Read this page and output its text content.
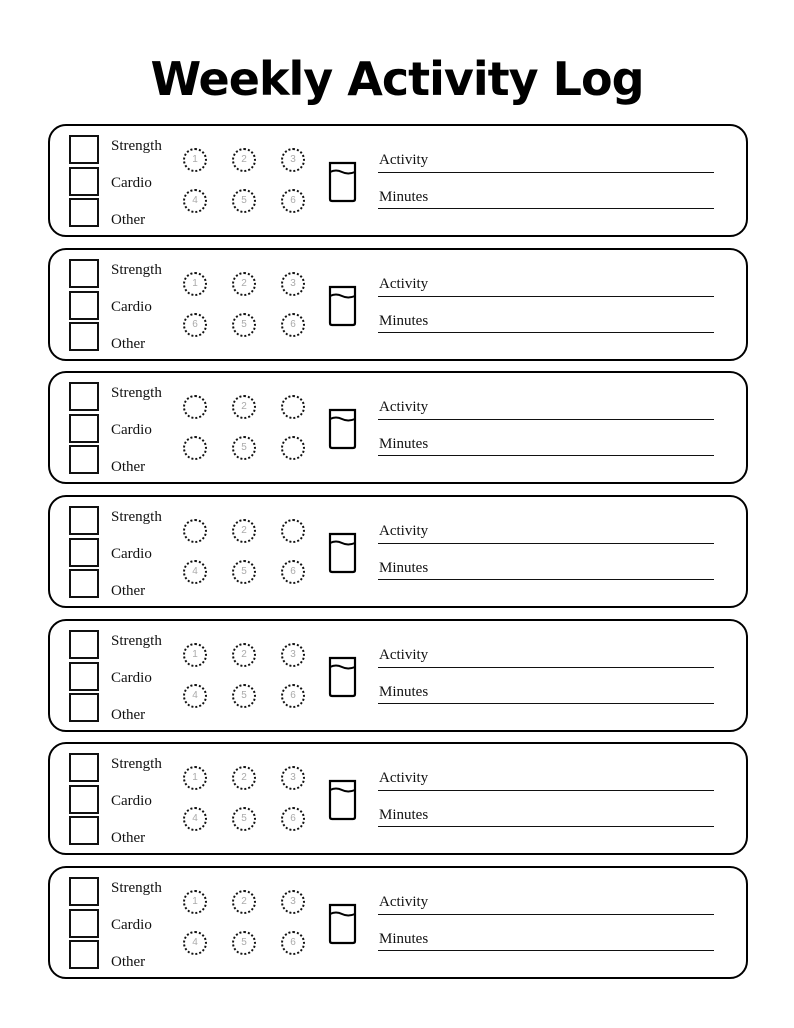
Weekly Activity Log
Strength
Cardio
Other
1	2	3
4	5	6
Activity
Minutes
Strength
Cardio
Other
1	2	3
6	5	6
Activity
Minutes
Strength
Cardio
Other
2
5
Activity
Minutes
Strength
Cardio
Other
2
4	5	6
Activity
Minutes
Strength
Cardio
Other
1	2	3
4	5	6
Activity
Minutes
Strength
Cardio
Other
1	2	3
4	5	6
Activity
Minutes
Strength
Cardio
Other
1	2	3
4	5	6
Activity
Minutes
